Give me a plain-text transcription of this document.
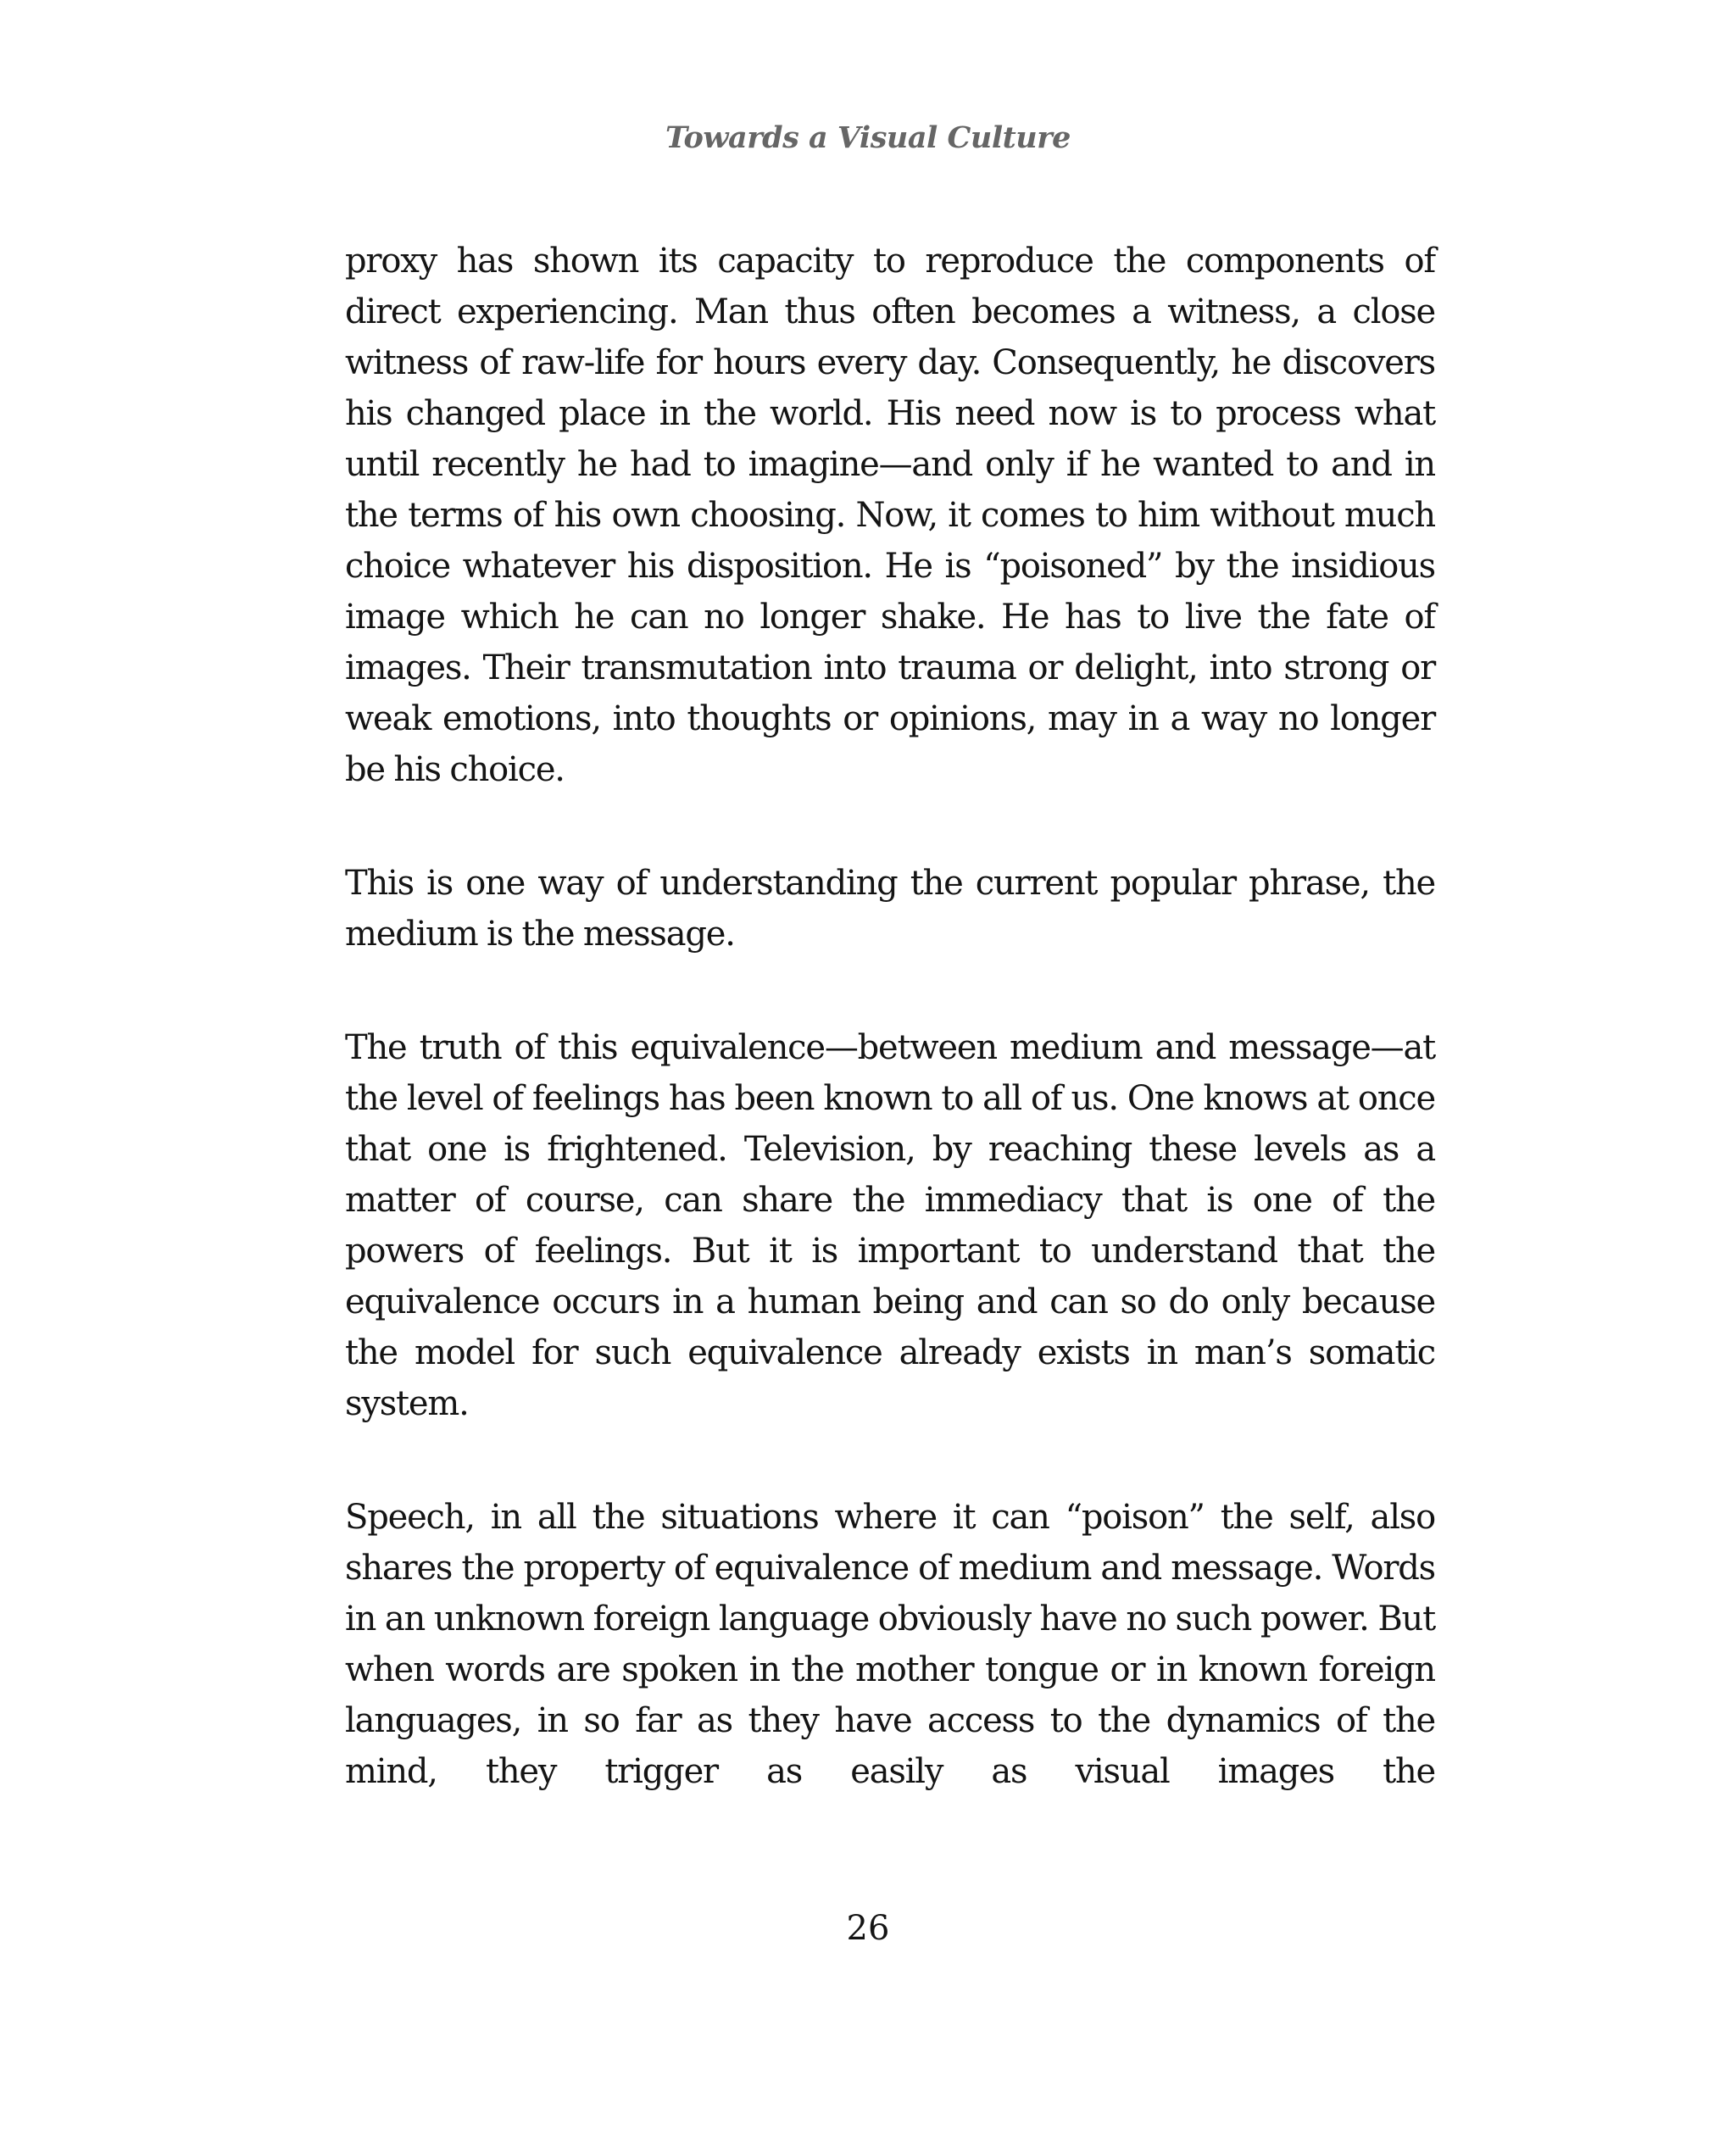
Towards a Visual Culture

proxy has shown its capacity to reproduce the components of direct experiencing. Man thus often becomes a witness, a close witness of raw-life for hours every day. Consequently, he discovers his changed place in the world. His need now is to process what until recently he had to imagine—and only if he wanted to and in the terms of his own choosing. Now, it comes to him without much choice whatever his disposition. He is “poisoned” by the insidious image which he can no longer shake. He has to live the fate of images. Their transmutation into trauma or delight, into strong or weak emotions, into thoughts or opinions, may in a way no longer be his choice.

This is one way of understanding the current popular phrase, the medium is the message.

The truth of this equivalence—between medium and message—at the level of feelings has been known to all of us. One knows at once that one is frightened. Television, by reaching these levels as a matter of course, can share the immediacy that is one of the powers of feelings. But it is important to understand that the equivalence occurs in a human being and can so do only because the model for such equivalence already exists in man’s somatic system.

Speech, in all the situations where it can “poison” the self, also shares the property of equivalence of medium and message. Words in an unknown foreign language obviously have no such power. But when words are spoken in the mother tongue or in known foreign languages, in so far as they have access to the dynamics of the mind, they trigger as easily as visual images the

26
